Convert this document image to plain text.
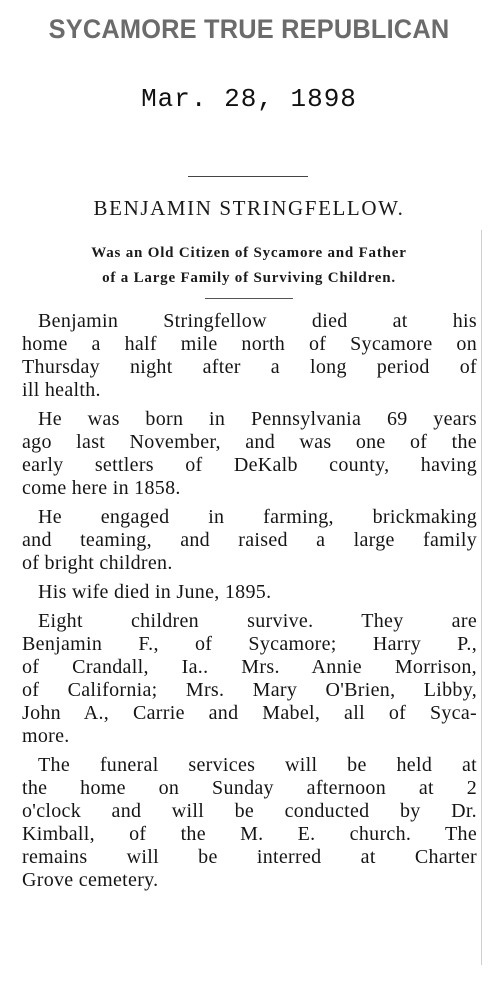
SYCAMORE TRUE REPUBLICAN
Mar. 28, 1898
BENJAMIN STRINGFELLOW.
Was an Old Citizen of Sycamore and Father
of a Large Family of Surviving Children.
Benjamin Stringfellow died at his
home a half mile north of Sycamore on
Thursday night after a long period of
ill health.
He was born in Pennsylvania 69 years
ago last November, and was one of the
early settlers of DeKalb county, having
come here in 1858.
He engaged in farming, brickmaking
and teaming, and raised a large family
of bright children.
His wife died in June, 1895.
Eight children survive. They are
Benjamin F., of Sycamore; Harry P.,
of Crandall, Ia.. Mrs. Annie Morrison,
of California; Mrs. Mary O'Brien, Libby,
John A., Carrie and Mabel, all of Syca-
more.
The funeral services will be held at
the home on Sunday afternoon at 2
o'clock and will be conducted by Dr.
Kimball, of the M. E. church. The
remains will be interred at Charter
Grove cemetery.
